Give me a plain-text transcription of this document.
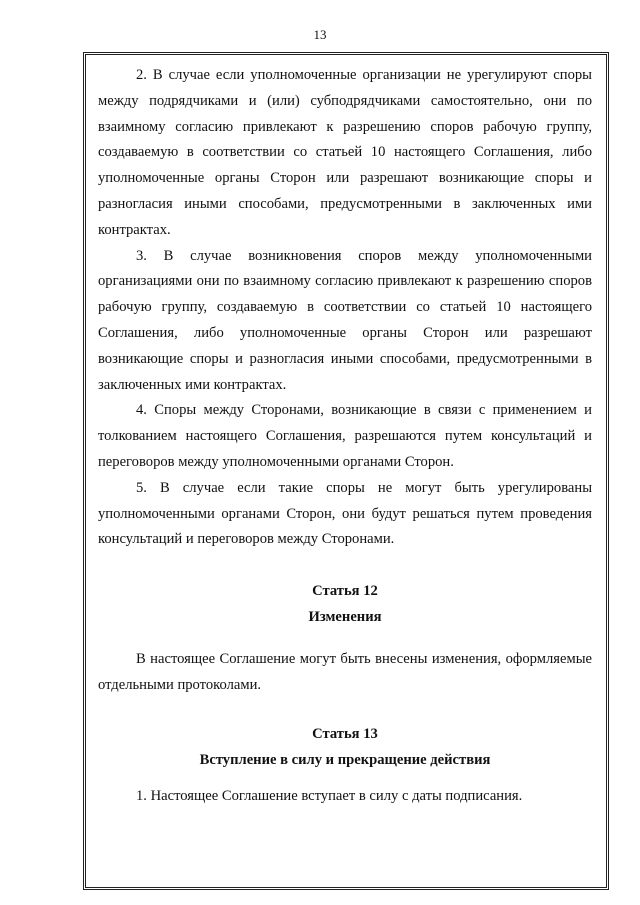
13

2. В случае если уполномоченные организации не урегулируют споры между подрядчиками и (или) субподрядчиками самостоятельно, они по взаимному согласию привлекают к разрешению споров рабочую группу, создаваемую в соответствии со статьей 10 настоящего Соглашения, либо уполномоченные органы Сторон или разрешают возникающие споры и разногласия иными способами, предусмотренными в заключенных ими контрактах.

3. В случае возникновения споров между уполномоченными организациями они по взаимному согласию привлекают к разрешению споров рабочую группу, создаваемую в соответствии со статьей 10 настоящего Соглашения, либо уполномоченные органы Сторон или разрешают возникающие споры и разногласия иными способами, предусмотренными в заключенных ими контрактах.

4. Споры между Сторонами, возникающие в связи с применением и толкованием настоящего Соглашения, разрешаются путем консультаций и переговоров между уполномоченными органами Сторон.

5. В случае если такие споры не могут быть урегулированы уполномоченными органами Сторон, они будут решаться путем проведения консультаций и переговоров между Сторонами.

Статья 12

Изменения

В настоящее Соглашение могут быть внесены изменения, оформляемые отдельными протоколами.

Статья 13

Вступление в силу и прекращение действия

1. Настоящее Соглашение вступает в силу с даты подписания.
